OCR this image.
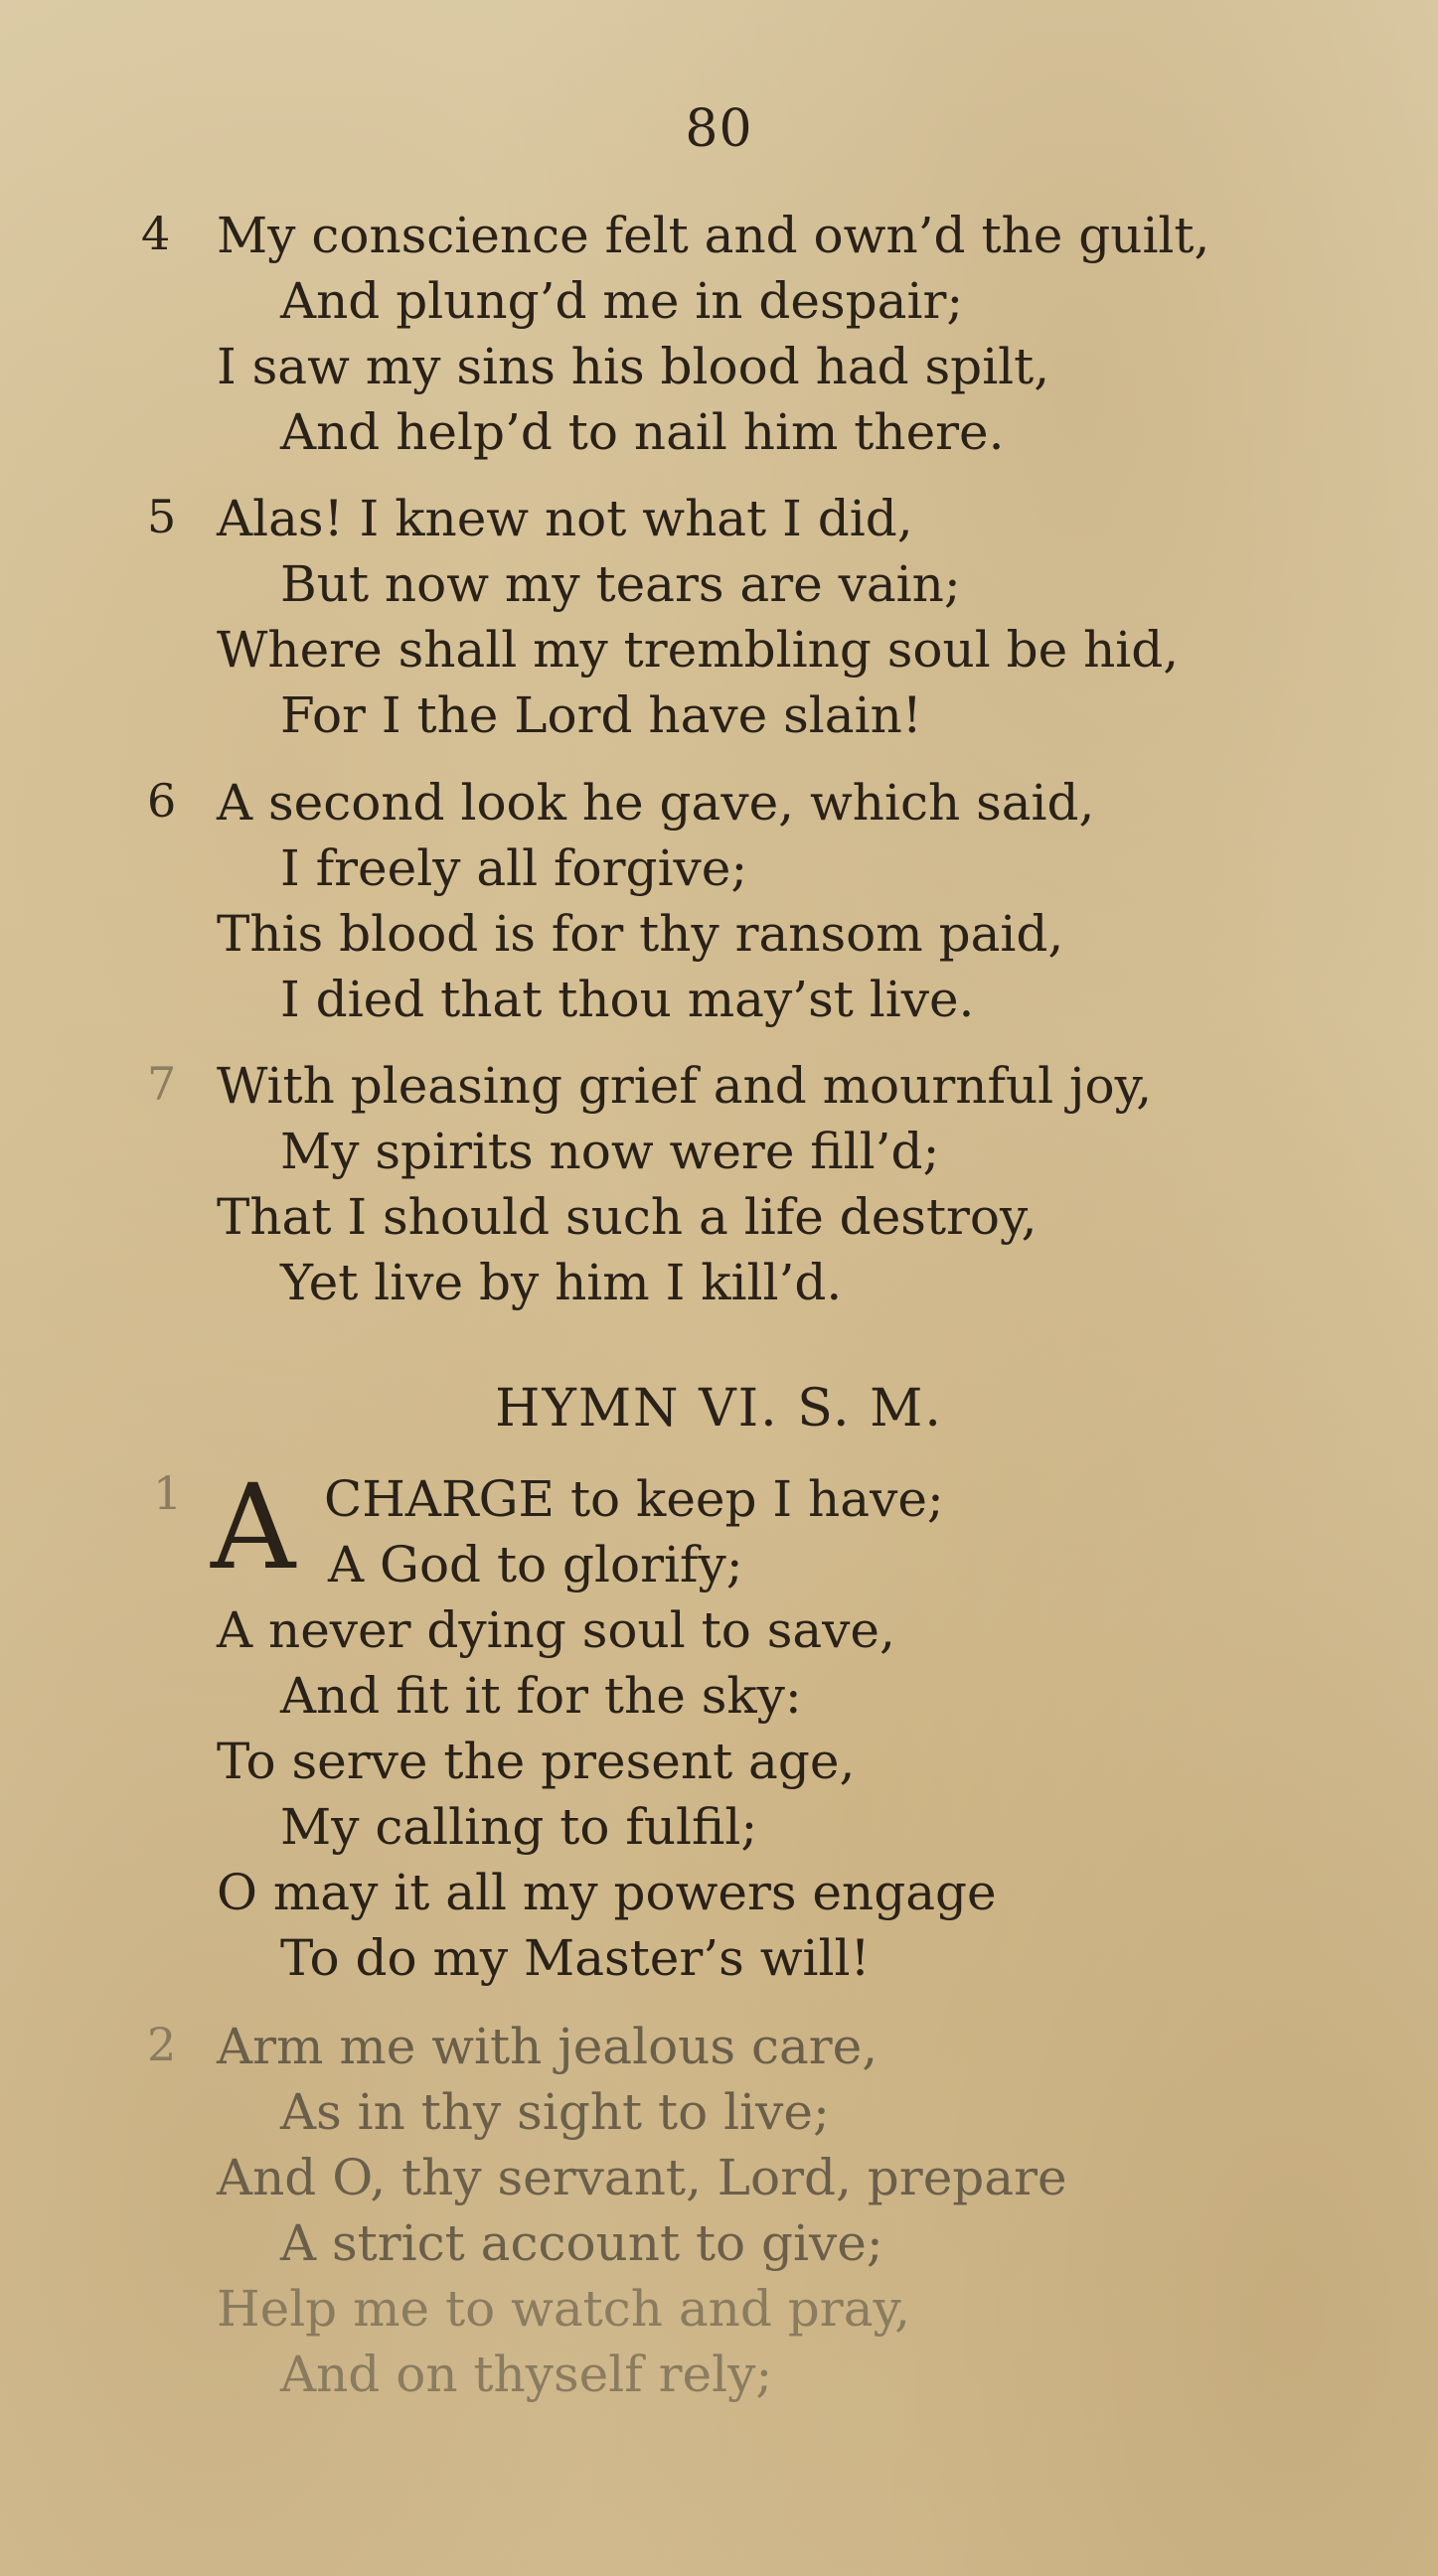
80
4 My conscience felt and own’d the guilt,
And plung’d me in despair;
I saw my sins his blood had spilt,
And help’d to nail him there.
5 Alas! I knew not what I did,
But now my tears are vain;
Where shall my trembling soul be hid,
For I the Lord have slain!
6 A second look he gave, which said,
I freely all forgive;
This blood is for thy ransom paid,
I died that thou may’st live.
7 With pleasing grief and mournful joy,
My spirits now were fill’d;
That I should such a life destroy,
Yet live by him I kill’d.
HYMN VI. S. M.
1 A CHARGE to keep I have;
A God to glorify;
A never dying soul to save,
And fit it for the sky:
To serve the present age,
My calling to fulfil;
O may it all my powers engage
To do my Master’s will!
2 Arm me with jealous care,
As in thy sight to live;
And O, thy servant, Lord, prepare
A strict account to give;
Help me to watch and pray,
And on thyself rely;
